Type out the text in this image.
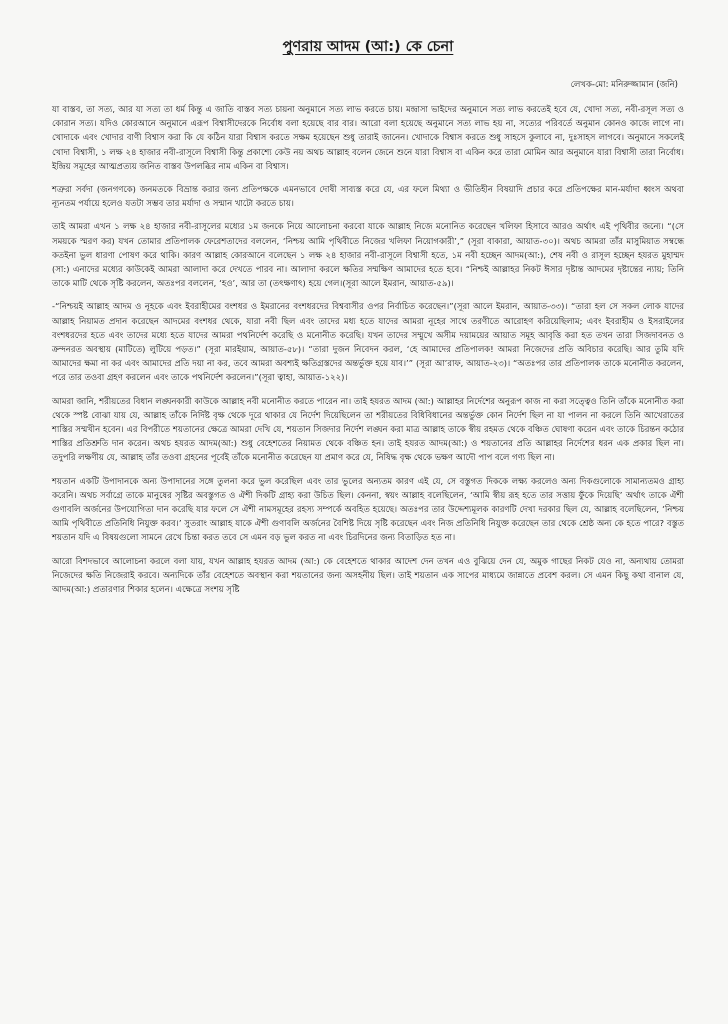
পুণরায় আদম (আ:) কে চেনা
লেখক-মো: মনিরুজ্জামান (জনি)

যা বাস্তব, তা সত্য, আর যা সত্য তা ধর্ম কিন্তু এ জাতি বাস্তব সত্য চায়না অনুমানে সত্য লাভ করতে চায়। মন্দ্রাসা ভাইদের অনুমানে সত্য লাভ করতেই হবে যে, খোদা সত্য, নবী-রসূল সত্য ও কোরান সত্য। যদিও কোরআনে অনুমানে এরূপ বিশ্বাসীদেরকে নির্বোধ বলা হয়েছে বার বার। আরো বলা হয়েছে অনুমানে সত্য লাভ হয় না, সত্যের পরিবর্তে অনুমান কোনও কাজে লাগে না। খোদাকে এবং খোদার বাণী বিশ্বাস করা কি যে কঠিন যারা বিশ্বাস করতে সক্ষম হয়েছেন শুধু তারাই জানেন। খোদাকে বিশ্বাস করতে শুধু সাহসে কুলাবে না, দুঃসাহস লাগবে। অনুমানে সকলেই খোদা বিশ্বাসী, ১ লক্ষ ২৪ হাজার নবী-রাসূলে বিশ্বাসী কিন্তু প্রকাশ্যে কেউ নয় অথচ আল্লাহ বলেন জেনে শুনে যারা বিশ্বাস বা একিন করে তারা মোমিন আর অনুমানে যারা বিশ্বাসী তারা নির্বোধ। ইন্দ্রিয় সমূহের আত্মপ্রত্যয় জনিত বাস্তব উপলব্ধির নাম একিন বা বিশ্বাস।

শত্রুরা সর্বদা (জনগণকে) জনমতকে বিভ্রান্ত করার জন্য প্রতিপক্ষকে এমনভাবে দোষী সাব্যস্ত করে যে, এর ফলে মিথ্যা ও ভীতিহীন বিষয়াদি প্রচার করে প্রতিপক্ষের মান-মর্যাদা ধ্বংস অথবা ন্যূনতম পর্যায়ে হলেও যতটা সম্ভব তার মর্যাদা ও সন্মান খাটো করতে চায়।

তাই আমরা এখন ১ লক্ষ ২৪ হাজার নবী-রাসূলের মধ্যের ১ম জনকে নিয়ে আলোচনা করবো যাকে আল্লাহ নিজে মনোনিত করেছেন খলিফা হিসাবে আরও অর্থাৎ এই পৃথিবীর জন্যে। “(সে সময়কে স্মরণ কর) যখন তোমার প্রতিপালক ফেরেশতাদের বললেন, ‘নিশ্চয় আমি পৃথিবীতে নিজের খলিফা নিয়োগকারী’,” (সূরা বাকারা, আয়াত-৩০)। অথচ আমরা তাঁর মাসুমিয়াত সম্বন্ধে কতইনা ভুল ধারণা পোষণ করে থাকি। কারণ আল্লাহ কোরআনে বলেছেন ১ লক্ষ ২৪ হাজার নবী-রাসূলে বিশ্বাসী হতে, ১ম নবী হচ্ছেন আদম(আ:), শেষ নবী ও রাসূল হচ্ছেন হযরত মুহাম্মদ (সা:) এনাদের মধ্যের কাউকেই আমরা আলাদা করে দেখতে পারব না। আলাদা করলে ক্ষতির সম্মক্ষিণ আমাদের হতে হবে। “নিশ্চই আল্লাহর নিকট ঈসার দৃষ্টান্ত আদমের দৃষ্টান্তের ন্যায়; তিনি তাকে মাটি থেকে সৃষ্টি করলেন, অতঃপর বললেন, ‘হও’, আর তা (তৎক্ষণাৎ) হয়ে গেল।(সূরা আলে ইমরান, আয়াত-৫৯)।

-“নিশ্চয়ই আল্লাহ আদম ও নূহকে এবং ইবরাহীমের বংশধর ও ইমরানের বংশধরদের বিশ্ববাসীর ওপর নির্বাচিত করেছেন।”(সূরা আলে ইমরান, আয়াত-৩৩)। “তারা হল সে সকল লোক যাদের আল্লাহ নিয়ামত প্রদান করেছেন আদমের বংশধর থেকে, যারা নবী ছিল এবং তাদের মধ্য হতে যাদের আমরা নূহের সাথে তরণীতে আরোহণ করিয়েছিলাম; এবং ইবরাহীম ও ইসরাইলের বংশধরদের হতে এবং তাদের মধ্যে হতে যাদের আমরা পথনির্দেশ করেছি ও মনোনীত করেছি। যখন তাদের সম্মুখে অসীম দয়াময়ের আয়াত সমূহ আবৃত্তি করা হত তখন তারা সিজদাবনত ও ক্রন্দনরত অবস্থায় (মাটিতে) লুটিয়ে পড়ত।” (সূরা মারইয়াম, আয়াত-৫৮)। “তারা দুজন নিবেদন করল, ‘হে আমাদের প্রতিপালক! আমরা নিজেদের প্রতি অবিচার করেছি। আর তুমি যদি আমাদের ক্ষমা না কর এবং আমাদের প্রতি দয়া না কর, তবে আমরা অবশ্যই ক্ষতিগ্রস্তদের অন্তর্ভুক্ত হয়ে যাব।’” (সূরা আ’রাফ, আয়াত-২৩)। “অতঃপর তার প্রতিপালক তাকে মনোনীত করলেন, পরে তার তওবা গ্রহণ করলেন এবং তাকে পথনির্দেশ করলেন।”(সূরা ত্বাহা, আয়াত-১২২)।

আমরা জানি, শরীয়তের বিধান লঙ্ঘনকারী কাউকে আল্লাহ নবী মনোনীত করতে পারেন না। তাই হযরত আদম (আ:) আল্লাহর নির্দেশের অনুরূপ কাজ না করা সত্ত্বেও তিনি তাঁকে মনোনীত করা থেকে স্পষ্ট বোঝা যায় যে, আল্লাহ তাঁকে নির্দিষ্ট বৃক্ষ থেকে দূরে থাকার যে নির্দেশ দিয়েছিলেন তা শরীয়তের বিধিবিধানের অন্তর্ভুক্ত কোন নির্দেশ ছিল না যা পালন না করলে তিনি আখেরাতের শাস্তির সম্মখীন হবেন। এর বিপরীতে শয়তানের ক্ষেত্রে আমরা দেখি যে, শয়তান সিজদার নির্দেশ লঙ্ঘন করা মাত্র আল্লাহ তাকে স্বীয় রহমত থেকে বঞ্চিত ঘোষণা করেন এবং তাকে চিরন্তন কঠোর শাস্তির প্রতিশ্রুতি দান করেন। অথচ হযরত আদম(আ:) শুধু বেহেশতের নিয়ামত থেকে বঞ্চিত হন। তাই হযরত আদম(আ:) ও শয়তানের প্রতি আল্লাহর নির্দেশের ধরন এক প্রকার ছিল না। তদুপরি লক্ষণীয় যে, আল্লাহ তাঁর তওবা গ্রহনের পূর্বেই তাঁকে মনোনীত করেছেন যা প্রমাণ করে যে, নিষিদ্ধ বৃক্ষ থেকে ভক্ষণ আদৌ পাপ বলে গণ্য ছিল না।

শয়তান একটি উপাদানকে অন্য উপাদানের সঙ্গে তুলনা করে ভুল করেছিল এবং তার ভুলের অন্যতম কারণ এই যে, সে বস্তুগত দিককে লক্ষ্য করলেও অন্য দিকগুলোকে সামান্যতমও গ্রাহ্য করেনি। অথচ সর্বাগ্রে তাকে মানুষের সৃষ্টির অবস্তুগত ও ঐশী দিকটি গ্রাহ্য করা উচিত ছিল। কেননা, স্বয়ং আল্লাহ বলেছিলেন, ‘আমি স্বীয় রূহ হতে তার সত্তায় ফুঁকে দিয়েছি’ অর্থাৎ তাকে ঐশী গুণাবলি অর্জনের উপযোগিতা দান করেছি যার ফলে সে ঐশী নামসমূহের রহস্য সম্পর্কে অবহিত হয়েছে। অতঃপর তার উদ্দেশ্যমূলক কারণটি দেখা দরকার ছিল যে, আল্লাহ বলেছিলেন, ‘নিশ্চয় আমি পৃথিবীতে প্রতিনিধি নিযুক্ত করব।’ সুতরাং আল্লাহ যাকে ঐশী গুণাবলি অর্জনের বৈশিষ্ট দিয়ে সৃষ্টি করেছেন এবং নিজ প্রতিনিধি নিযুক্ত করেছেন তার থেকে শ্রেষ্ঠ অন্য কে হতে পারে? বস্তুত শয়তান যদি এ বিষয়গুলো সামনে রেখে চিন্তা করত তবে সে এমন বড় ভুল করত না এবং চিরদিনের জন্য বিতাড়িত হত না।

আরো বিশদভাবে আলোচনা করলে বলা যায়, যখন আল্লাহ হযরত আদম (আ:) কে বেহেশতে থাকার আদেশ দেন তখন এও বুঝিয়ে দেন যে, অমুক গাছের নিকট যেও না, অন্যথায় তোমরা নিজেদের ক্ষতি নিজেরাই করবে। অন্যদিকে তাঁর বেহেশতে অবস্থান করা শয়তানের জন্য অসহনীয় ছিল। তাই শয়তান এক সাপের মাধ্যমে জান্নাতে প্রবেশ করল। সে এমন কিছু কথা বানাল যে, আদম(আ:) প্রতারণার শিকার হলেন। এক্ষেত্রে সংশয় সৃষ্টি
